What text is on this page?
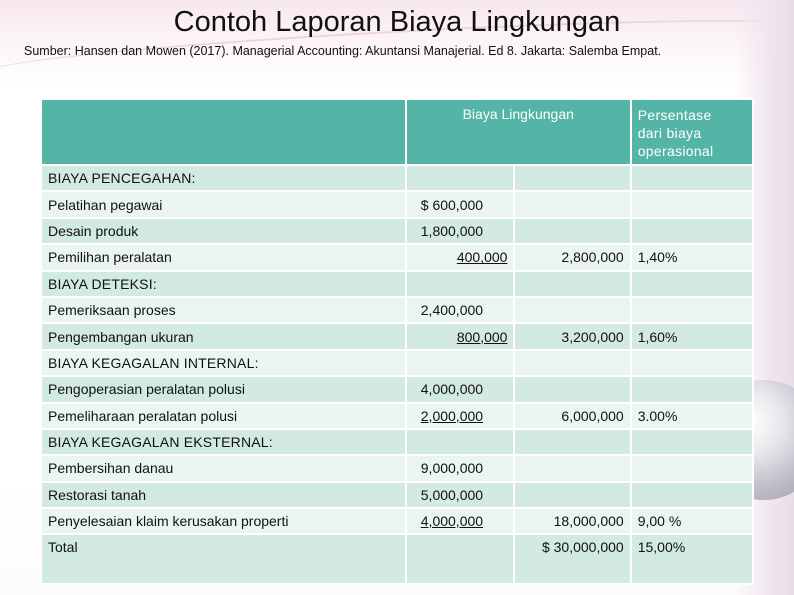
Contoh Laporan Biaya Lingkungan
Sumber: Hansen dan Mowen (2017). Managerial Accounting: Akuntansi Manajerial. Ed 8. Jakarta: Salemba Empat.
	Biaya Lingkungan		Persentase
dari biaya
operasional
BIAYA PENCEGAHAN:			
Pelatihan pegawai	$ 600,000		
Desain produk	1,800,000		
Pemilihan peralatan	400,000	2,800,000	1,40%
BIAYA DETEKSI:			
Pemeriksaan proses	2,400,000		
Pengembangan ukuran	800,000	3,200,000	1,60%
BIAYA KEGAGALAN INTERNAL:			
Pengoperasian peralatan polusi	4,000,000		
Pemeliharaan peralatan polusi	2,000,000	6,000,000	3.00%
BIAYA KEGAGALAN EKSTERNAL:			
Pembersihan danau	9,000,000		
Restorasi tanah	5,000,000		
Penyelesaian klaim kerusakan properti	4,000,000	18,000,000	9,00 %
Total		$ 30,000,000	15,00%
